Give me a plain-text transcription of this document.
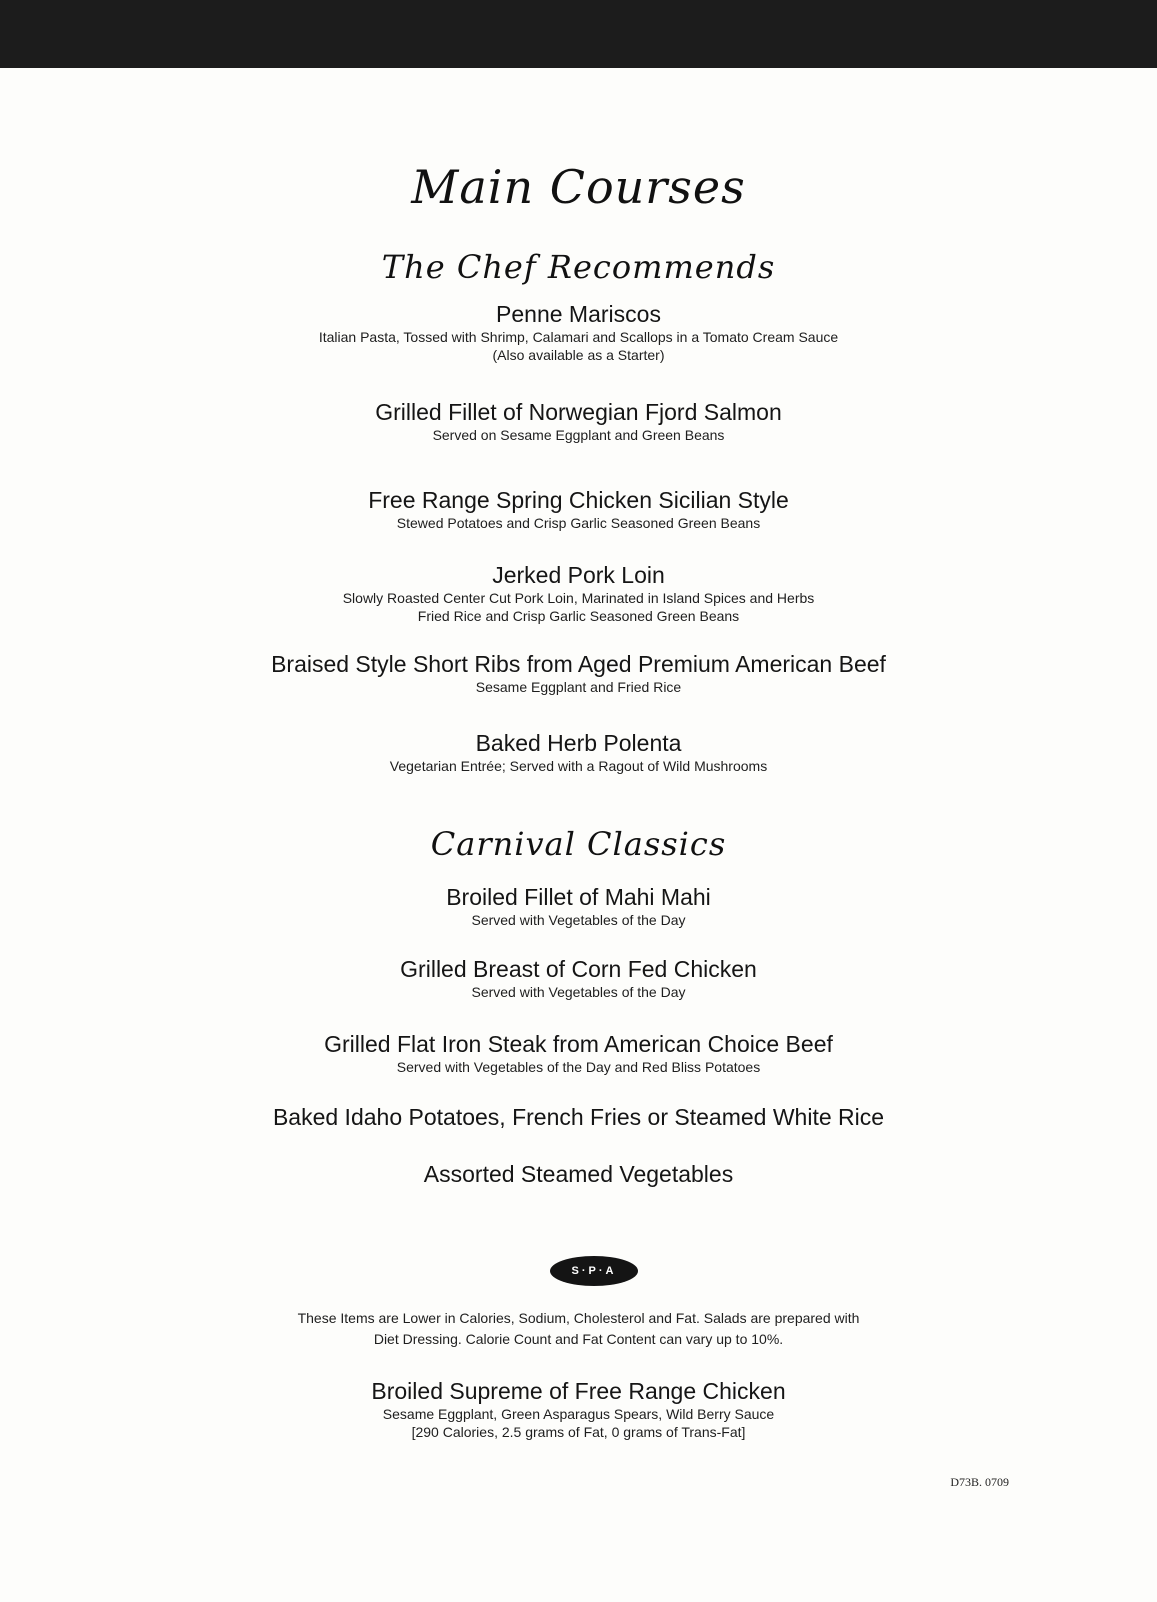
Main Courses
The Chef Recommends
Penne Mariscos
Italian Pasta, Tossed with Shrimp, Calamari and Scallops in a Tomato Cream Sauce
(Also available as a Starter)
Grilled Fillet of Norwegian Fjord Salmon
Served on Sesame Eggplant and Green Beans
Free Range Spring Chicken Sicilian Style
Stewed Potatoes and Crisp Garlic Seasoned Green Beans
Jerked Pork Loin
Slowly Roasted Center Cut Pork Loin, Marinated in Island Spices and Herbs
Fried Rice and Crisp Garlic Seasoned Green Beans
Braised Style Short Ribs from Aged Premium American Beef
Sesame Eggplant and Fried Rice
Baked Herb Polenta
Vegetarian Entrée; Served with a Ragout of Wild Mushrooms
Carnival Classics
Broiled Fillet of Mahi Mahi
Served with Vegetables of the Day
Grilled Breast of Corn Fed Chicken
Served with Vegetables of the Day
Grilled Flat Iron Steak from American Choice Beef
Served with Vegetables of the Day and Red Bliss Potatoes
Baked Idaho Potatoes, French Fries or Steamed White Rice
Assorted Steamed Vegetables
S·P·A
These Items are Lower in Calories, Sodium, Cholesterol and Fat. Salads are prepared with
Diet Dressing. Calorie Count and Fat Content can vary up to 10%.
Broiled Supreme of Free Range Chicken
Sesame Eggplant, Green Asparagus Spears, Wild Berry Sauce
[290 Calories, 2.5 grams of Fat, 0 grams of Trans-Fat]
D73B. 0709
